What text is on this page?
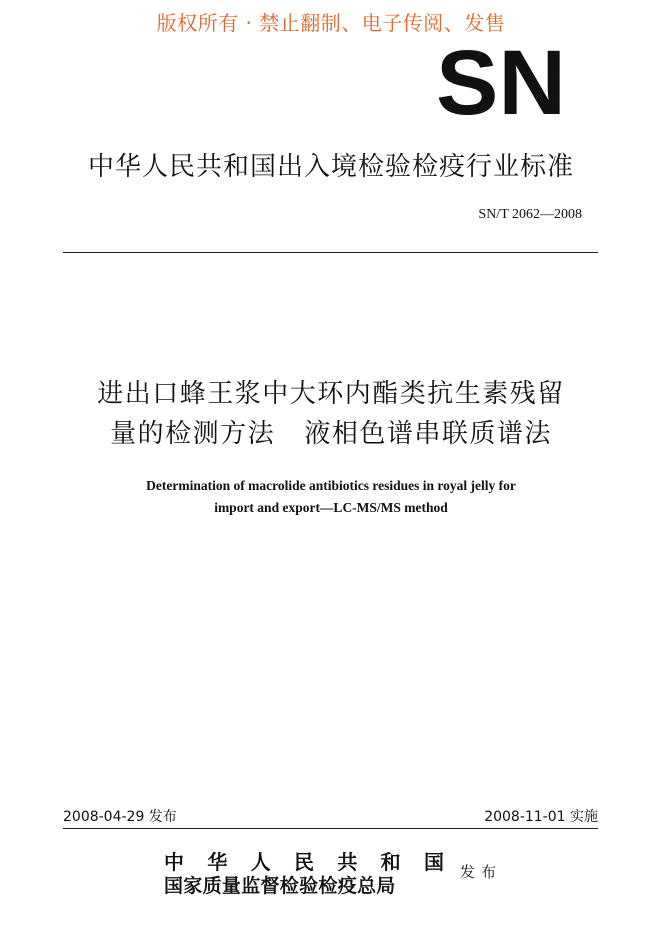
版权所有 · 禁止翻制、电子传阅、发售
SN
中华人民共和国出入境检验检疫行业标准
SN/T 2062—2008
进出口蜂王浆中大环内酯类抗生素残留
量的检测方法   液相色谱串联质谱法
Determination of macrolide antibiotics residues in royal jelly for
import and export—LC-MS/MS method
2008-04-29 发布	2008-11-01 实施
中 华 人 民 共 和 国
国家质量监督检验检疫总局
发布
